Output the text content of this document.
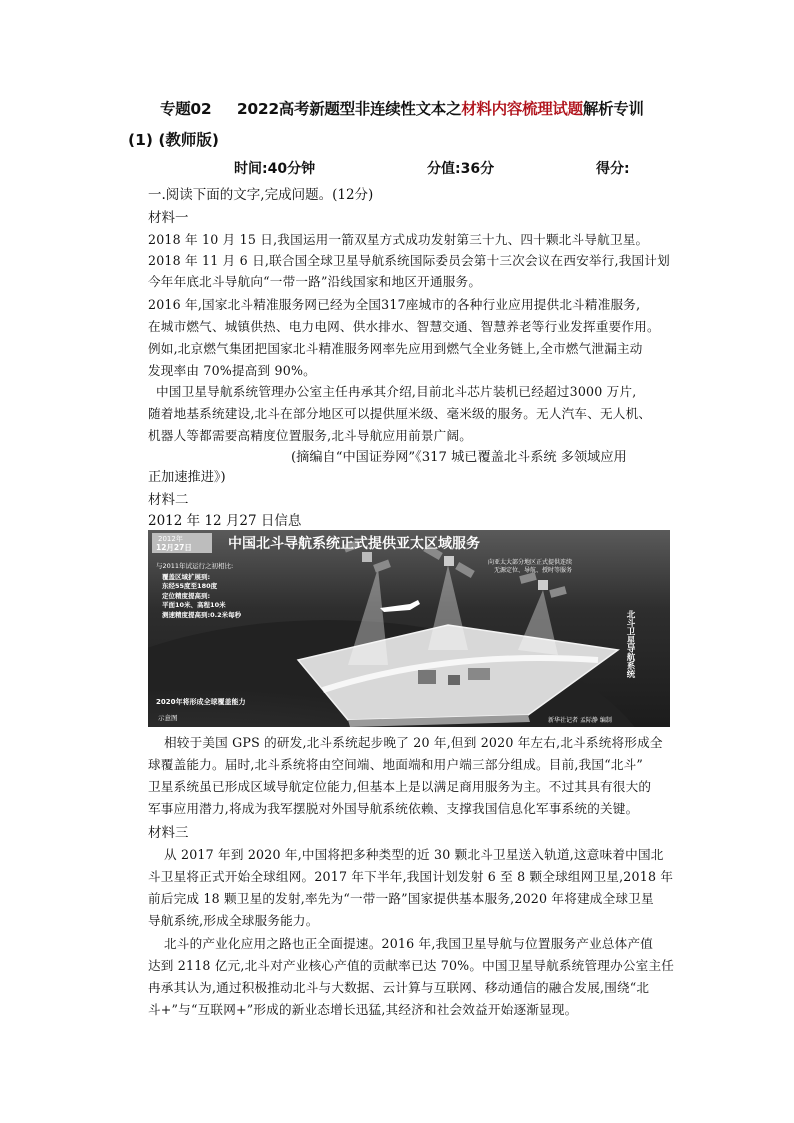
专题02 2022高考新题型非连续性文本之材料内容梳理试题解析专训
(1) (教师版)
时间:40分钟	分值:36分	得分:
一.阅读下面的文字,完成问题。(12分)
材料一
2018 年 10 月 15 日,我国运用一箭双星方式成功发射第三十九、四十颗北斗导航卫星。
2018 年 11 月 6 日,联合国全球卫星导航系统国际委员会第十三次会议在西安举行,我国计划
今年年底北斗导航向“一带一路”沿线国家和地区开通服务。
2016 年,国家北斗精准服务网已经为全国317座城市的各种行业应用提供北斗精准服务,
在城市燃气、城镇供热、电力电网、供水排水、智慧交通、智慧养老等行业发挥重要作用。
例如,北京燃气集团把国家北斗精准服务网率先应用到燃气全业务链上,全市燃气泄漏主动
发现率由 70%提高到 90%。
中国卫星导航系统管理办公室主任冉承其介绍,目前北斗芯片装机已经超过3000 万片,
随着地基系统建设,北斗在部分地区可以提供厘米级、毫米级的服务。无人汽车、无人机、
机器人等都需要高精度位置服务,北斗导航应用前景广阔。
(摘编自“中国证券网”《317 城已覆盖北斗系统 多领域应用
正加速推进》)
材料二
2012 年 12 月27 日信息
2012年
12月27日	中国北斗导航系统正式提供亚太区域服务
与2011年试运行之初相比:
覆盖区域扩展到:
东经55度至180度
定位精度提高到:
平面10米、高程10米
测速精度提高到:0.2米每秒
向亚太大部分地区正式提供连续
无源定位、导航、授时等服务
北斗卫星导航系统
2020年将形成全球覆盖能力
示意图	新华社记者 孟际静 编制
相较于美国 GPS 的研发,北斗系统起步晚了 20 年,但到 2020 年左右,北斗系统将形成全
球覆盖能力。届时,北斗系统将由空间端、地面端和用户端三部分组成。目前,我国“北斗”
卫星系统虽已形成区域导航定位能力,但基本上是以满足商用服务为主。不过其具有很大的
军事应用潜力,将成为我军摆脱对外国导航系统依赖、支撑我国信息化军事系统的关键。
材料三
从 2017 年到 2020 年,中国将把多种类型的近 30 颗北斗卫星送入轨道,这意味着中国北
斗卫星将正式开始全球组网。2017 年下半年,我国计划发射 6 至 8 颗全球组网卫星,2018 年
前后完成 18 颗卫星的发射,率先为“一带一路”国家提供基本服务,2020 年将建成全球卫星
导航系统,形成全球服务能力。
北斗的产业化应用之路也正全面提速。2016 年,我国卫星导航与位置服务产业总体产值
达到 2118 亿元,北斗对产业核心产值的贡献率已达 70%。中国卫星导航系统管理办公室主任
冉承其认为,通过积极推动北斗与大数据、云计算与互联网、移动通信的融合发展,围绕“北
斗+”与“互联网+”形成的新业态增长迅猛,其经济和社会效益开始逐渐显现。
